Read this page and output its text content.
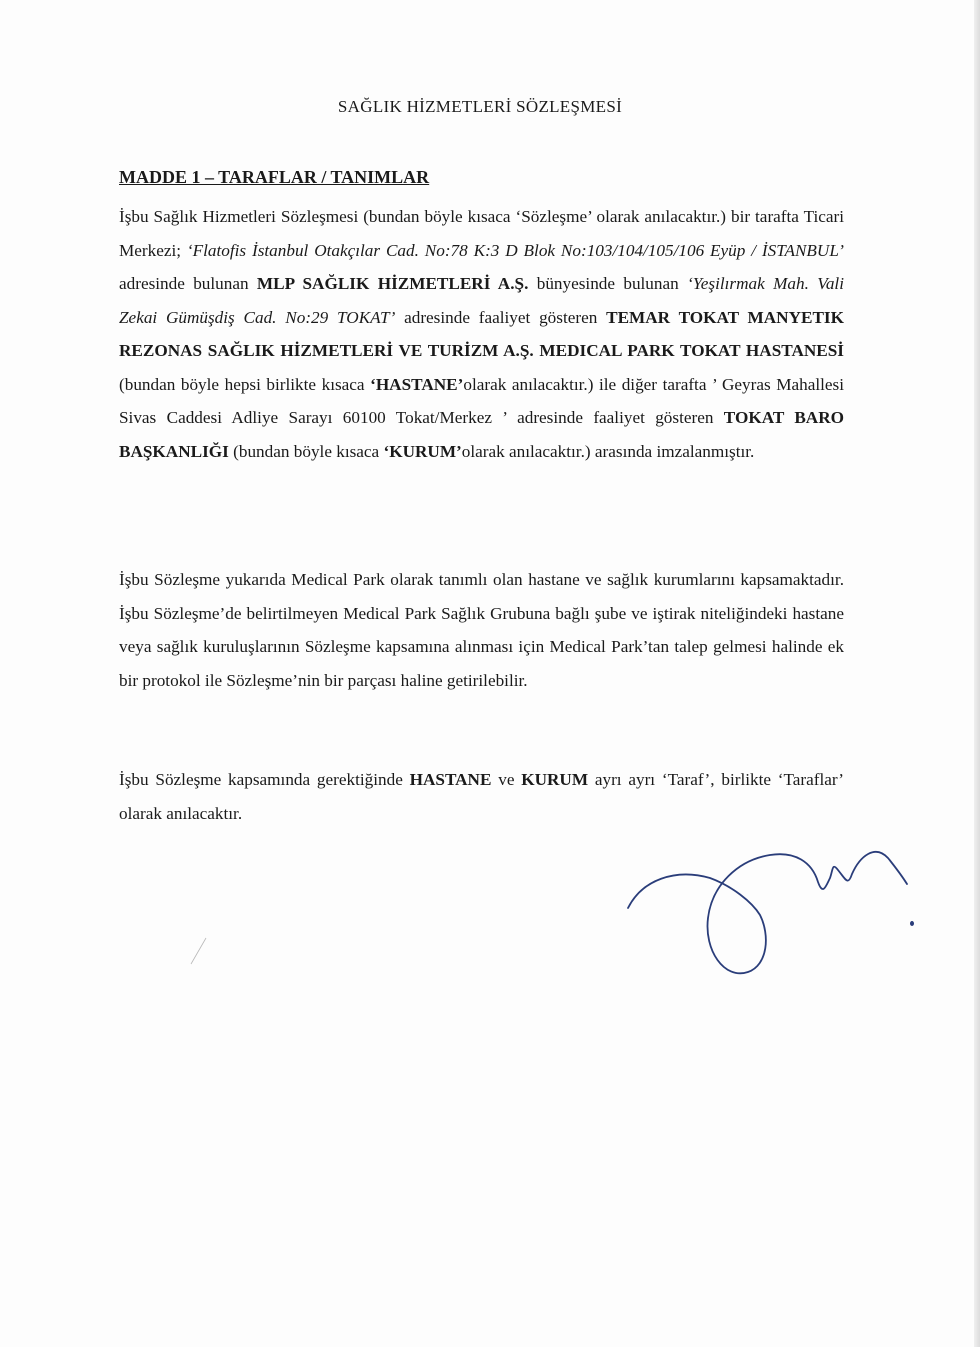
SAĞLIK HİZMETLERİ SÖZLEŞMESİ
MADDE 1 – TARAFLAR / TANIMLAR
İşbu Sağlık Hizmetleri Sözleşmesi (bundan böyle kısaca ‘Sözleşme’ olarak anılacaktır.) bir tarafta Ticari Merkezi; ‘Flatofis İstanbul Otakçılar Cad. No:78 K:3 D Blok No:103/104/105/106 Eyüp / İSTANBUL’ adresinde bulunan MLP SAĞLIK HİZMETLERİ A.Ş. bünyesinde bulunan ‘Yeşilırmak Mah. Vali Zekai Gümüşdiş Cad. No:29 TOKAT’ adresinde faaliyet gösteren TEMAR TOKAT MANYETIK REZONAS SAĞLIK HİZMETLERİ VE TURİZM A.Ş. MEDICAL PARK TOKAT HASTANESİ (bundan böyle hepsi birlikte kısaca ‘HASTANE’olarak anılacaktır.) ile diğer tarafta ’ Geyras Mahallesi Sivas Caddesi Adliye Sarayı 60100 Tokat/Merkez ’ adresinde faaliyet gösteren TOKAT BARO BAŞKANLIĞI (bundan böyle kısaca ‘KURUM’olarak anılacaktır.) arasında imzalanmıştır.
İşbu Sözleşme yukarıda Medical Park olarak tanımlı olan hastane ve sağlık kurumlarını kapsamaktadır. İşbu Sözleşme’de belirtilmeyen Medical Park Sağlık Grubuna bağlı şube ve iştirak niteliğindeki hastane veya sağlık kuruluşlarının Sözleşme kapsamına alınması için Medical Park’tan talep gelmesi halinde ek bir protokol ile Sözleşme’nin bir parçası haline getirilebilir.
İşbu Sözleşme kapsamında gerektiğinde HASTANE ve KURUM ayrı ayrı ‘Taraf’, birlikte ‘Taraflar’ olarak anılacaktır.
